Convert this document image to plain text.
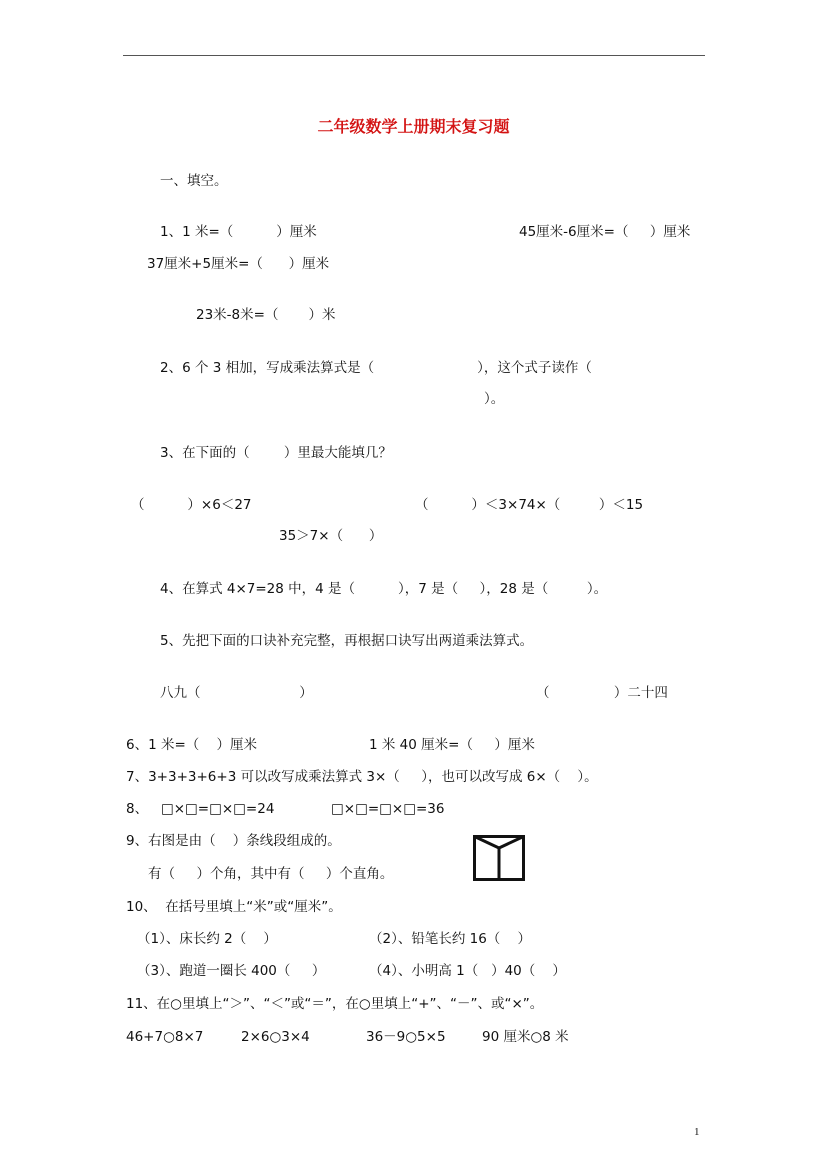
二年级数学上册期末复习题
一、填空。
1、1 米=（          ）厘米	45厘米-6厘米=（     ）厘米
37厘米+5厘米=（      ）厘米
23米-8米=（       ）米
2、6 个 3 相加，写成乘法算式是（                        ），这个式子读作（
）。
3、在下面的（        ）里最大能填几？
（          ）×6＜27	（          ）＜3×74×（         ）＜15
35＞7×（      ）
4、在算式 4×7=28 中，4 是（          ），7 是（     ），28 是（         ）。
5、先把下面的口诀补充完整，再根据口诀写出两道乘法算式。
八九（                       ）	（               ）二十四
6、1 米=（    ）厘米	1 米 40 厘米=（     ）厘米
7、3+3+3+6+3 可以改写成乘法算式 3×（     ），也可以改写成 6×（    ）。
8、   □×□=□×□=24	□×□=□×□=36
9、右图是由（    ）条线段组成的。
有（     ）个角，其中有（     ）个直角。
10、  在括号里填上“米”或“厘米”。
（1）、床长约 2（    ）	（2）、铅笔长约 16（    ）
（3）、跑道一圈长 400（     ）	（4）、小明高 1（   ）40（    ）
11、在○里填上“＞”、“＜”或“＝”，在○里填上“+”、“－”、或“×”。
46+7○8×7	2×6○3×4	36－9○5×5	90 厘米○8 米
1
